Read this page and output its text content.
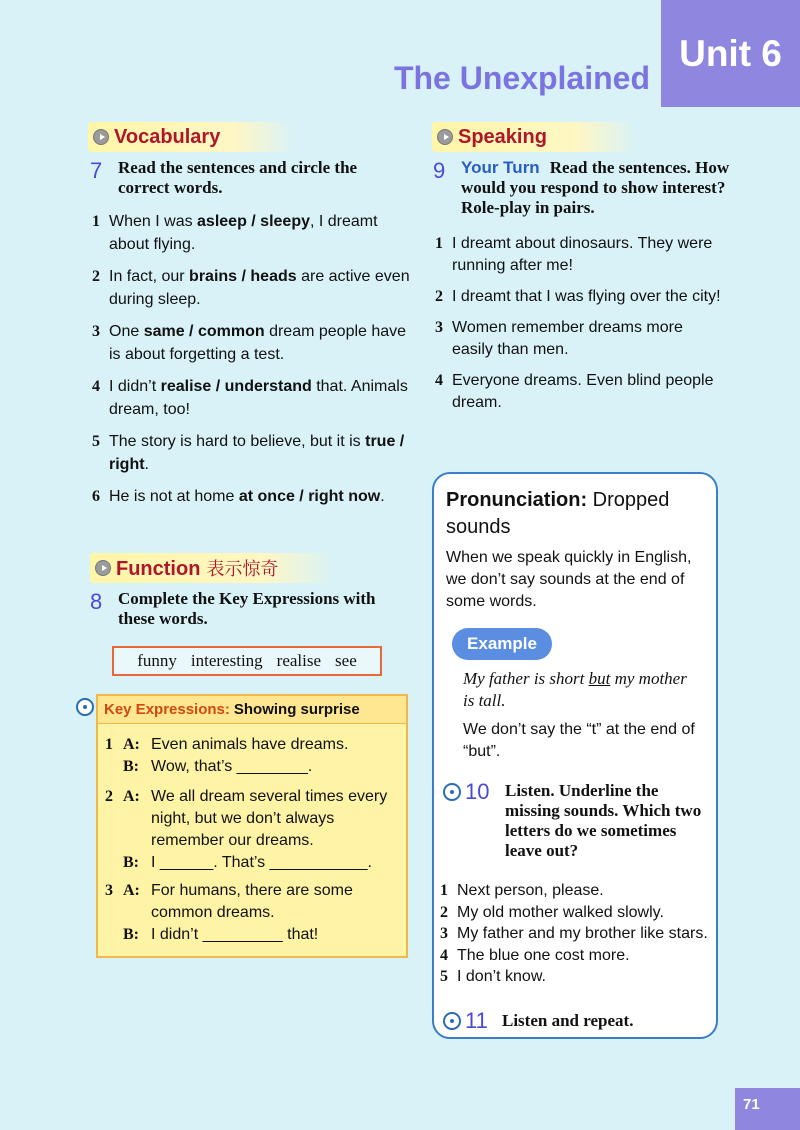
Unit 6
The Unexplained
Vocabulary
7 Read the sentences and circle the correct words.
1 When I was asleep / sleepy, I dreamt about flying.
2 In fact, our brains / heads are active even during sleep.
3 One same / common dream people have is about forgetting a test.
4 I didn’t realise / understand that. Animals dream, too!
5 The story is hard to believe, but it is true / right.
6 He is not at home at once / right now.
Function 表示惊奇
8 Complete the Key Expressions with these words.
funny interesting realise see
Key Expressions: Showing surprise
1 A: Even animals have dreams.
B: Wow, that’s ________.
2 A: We all dream several times every night, but we don’t always remember our dreams.
B: I ______. That’s ___________.
3 A: For humans, there are some common dreams.
B: I didn’t _________ that!
Speaking
9 Your Turn Read the sentences. How would you respond to show interest? Role-play in pairs.
1 I dreamt about dinosaurs. They were running after me!
2 I dreamt that I was flying over the city!
3 Women remember dreams more easily than men.
4 Everyone dreams. Even blind people dream.
Pronunciation: Dropped sounds
When we speak quickly in English, we don’t say sounds at the end of some words.
Example
My father is short but my mother is tall.
We don’t say the “t” at the end of “but”.
10 Listen. Underline the missing sounds. Which two letters do we sometimes leave out?
1 Next person, please.
2 My old mother walked slowly.
3 My father and my brother like stars.
4 The blue one cost more.
5 I don’t know.
11 Listen and repeat.
71
